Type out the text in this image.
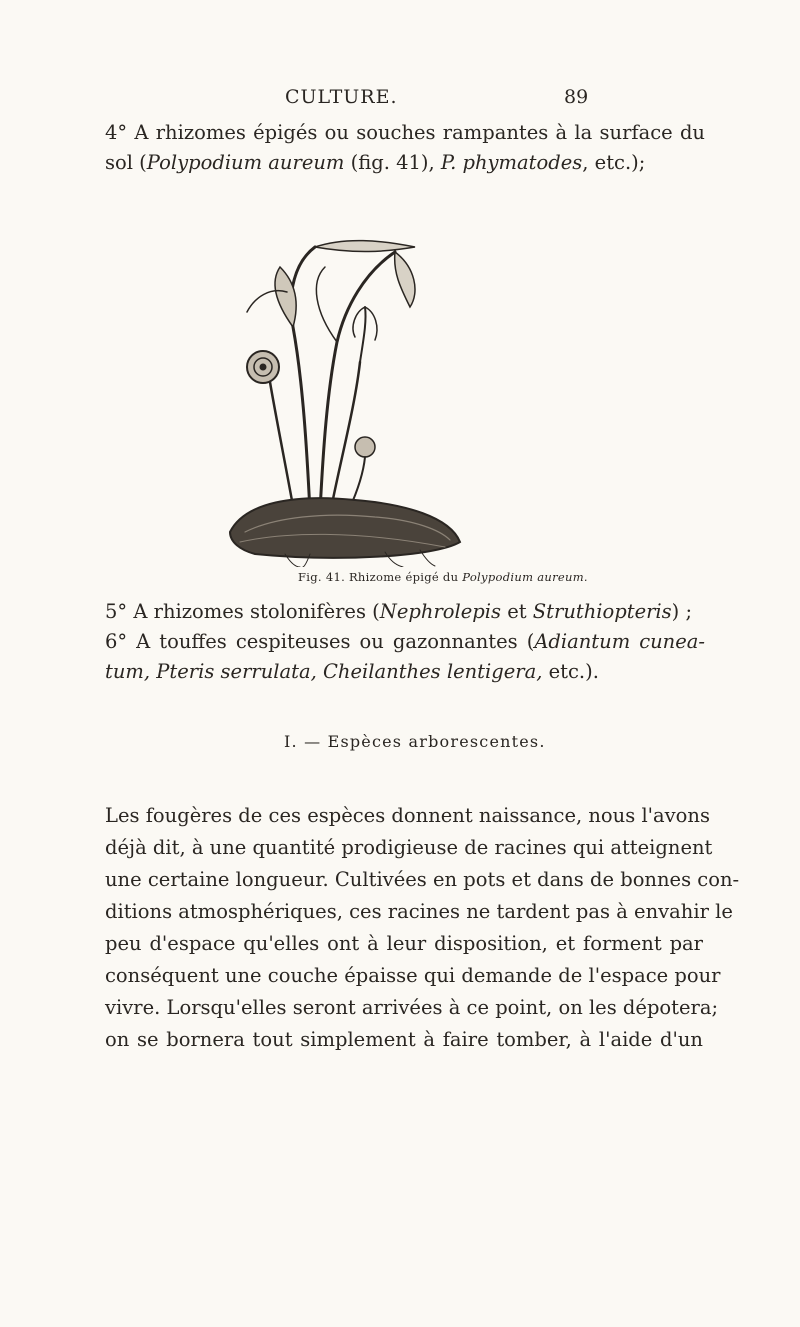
CULTURE.	89

4° A rhizomes épigés ou souches rampantes à la surface du
sol (Polypodium aureum (fig. 41), P. phymatodes, etc.);

Fig. 41. Rhizome épigé du Polypodium aureum.

5° A rhizomes stolonifères (Nephrolepis et Struthiopteris) ;
6° A touffes cespiteuses ou gazonnantes (Adiantum cunea-
tum, Pteris serrulata, Cheilanthes lentigera, etc.).

I. — Espèces arborescentes.

Les fougères de ces espèces donnent naissance, nous l'avons
déjà dit, à une quantité prodigieuse de racines qui atteignent
une certaine longueur. Cultivées en pots et dans de bonnes con-
ditions atmosphériques, ces racines ne tardent pas à envahir le
peu d'espace qu'elles ont à leur disposition, et forment par
conséquent une couche épaisse qui demande de l'espace pour
vivre. Lorsqu'elles seront arrivées à ce point, on les dépotera;
on se bornera tout simplement à faire tomber, à l'aide d'un
